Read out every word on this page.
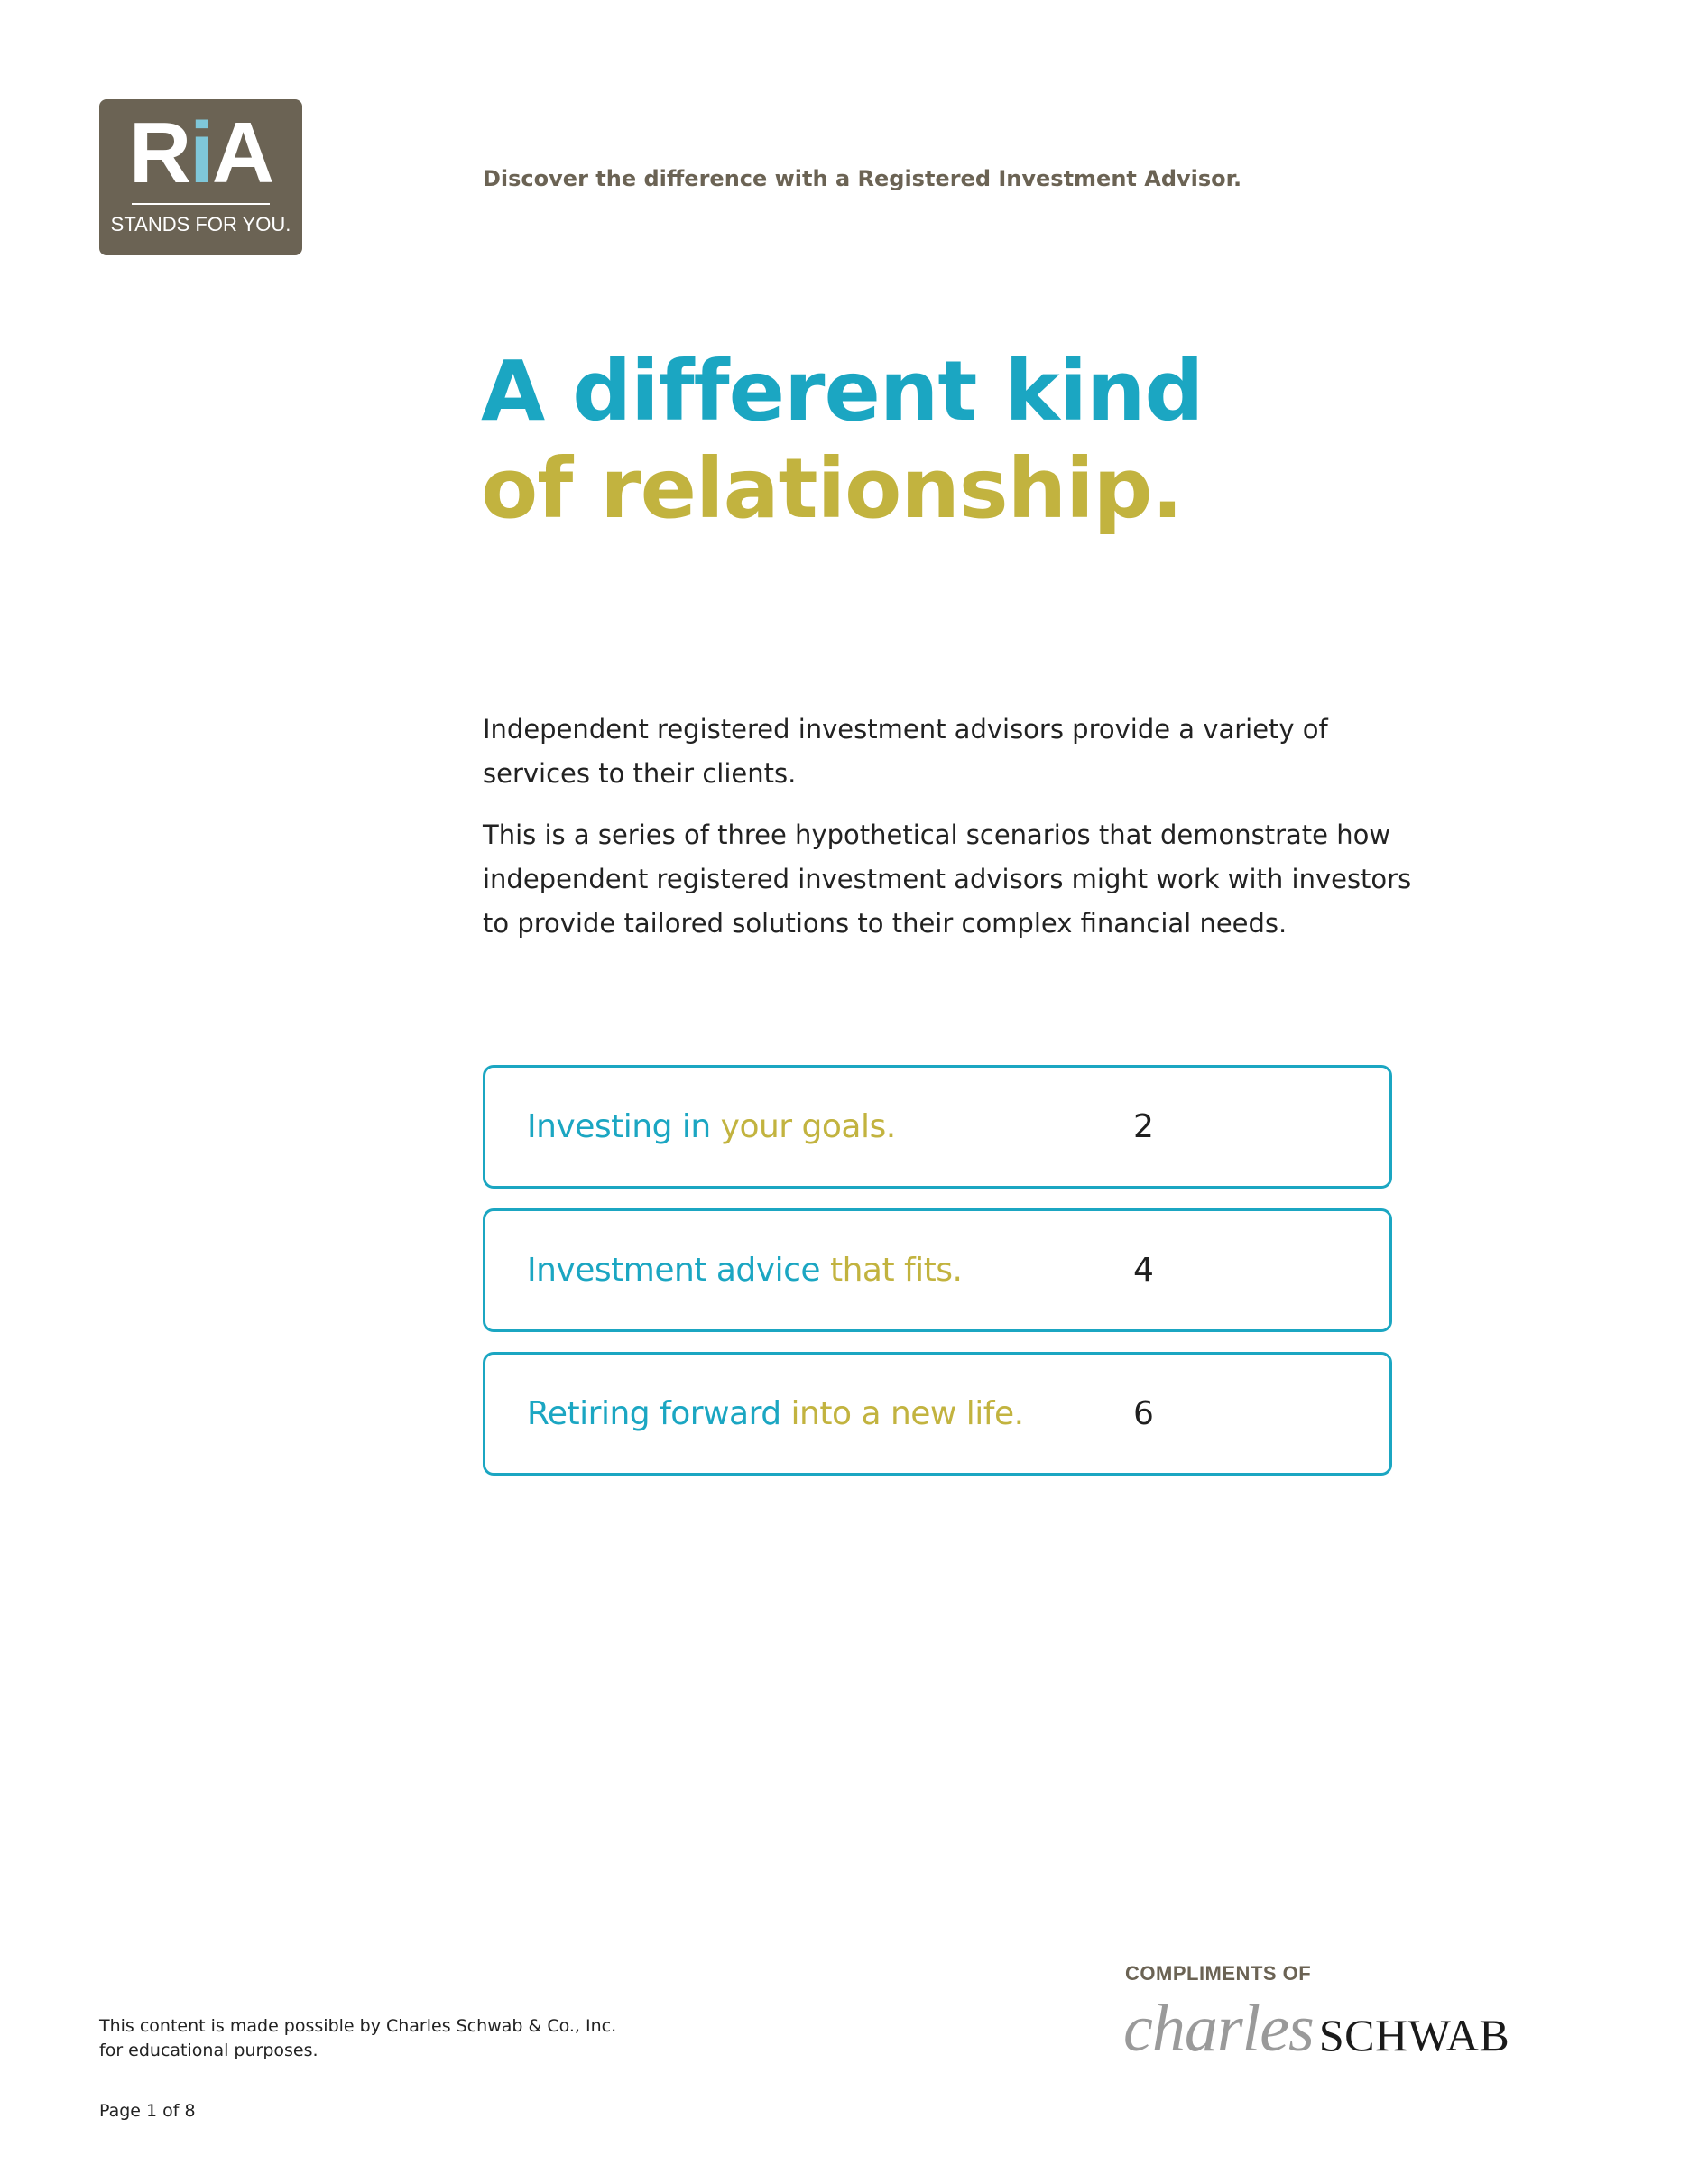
RiA
STANDS FOR YOU.
Discover the difference with a Registered Investment Advisor.
A different kind
of relationship.

Independent registered investment advisors provide a variety of services to their clients.

This is a series of three hypothetical scenarios that demonstrate how independent registered investment advisors might work with investors to provide tailored solutions to their complex financial needs.

Investing in your goals.	2
Investment advice that fits.	4
Retiring forward into a new life.	6
COMPLIMENTS OF
charles SCHWAB
This content is made possible by Charles Schwab & Co., Inc.
for educational purposes.
Page 1 of 8
